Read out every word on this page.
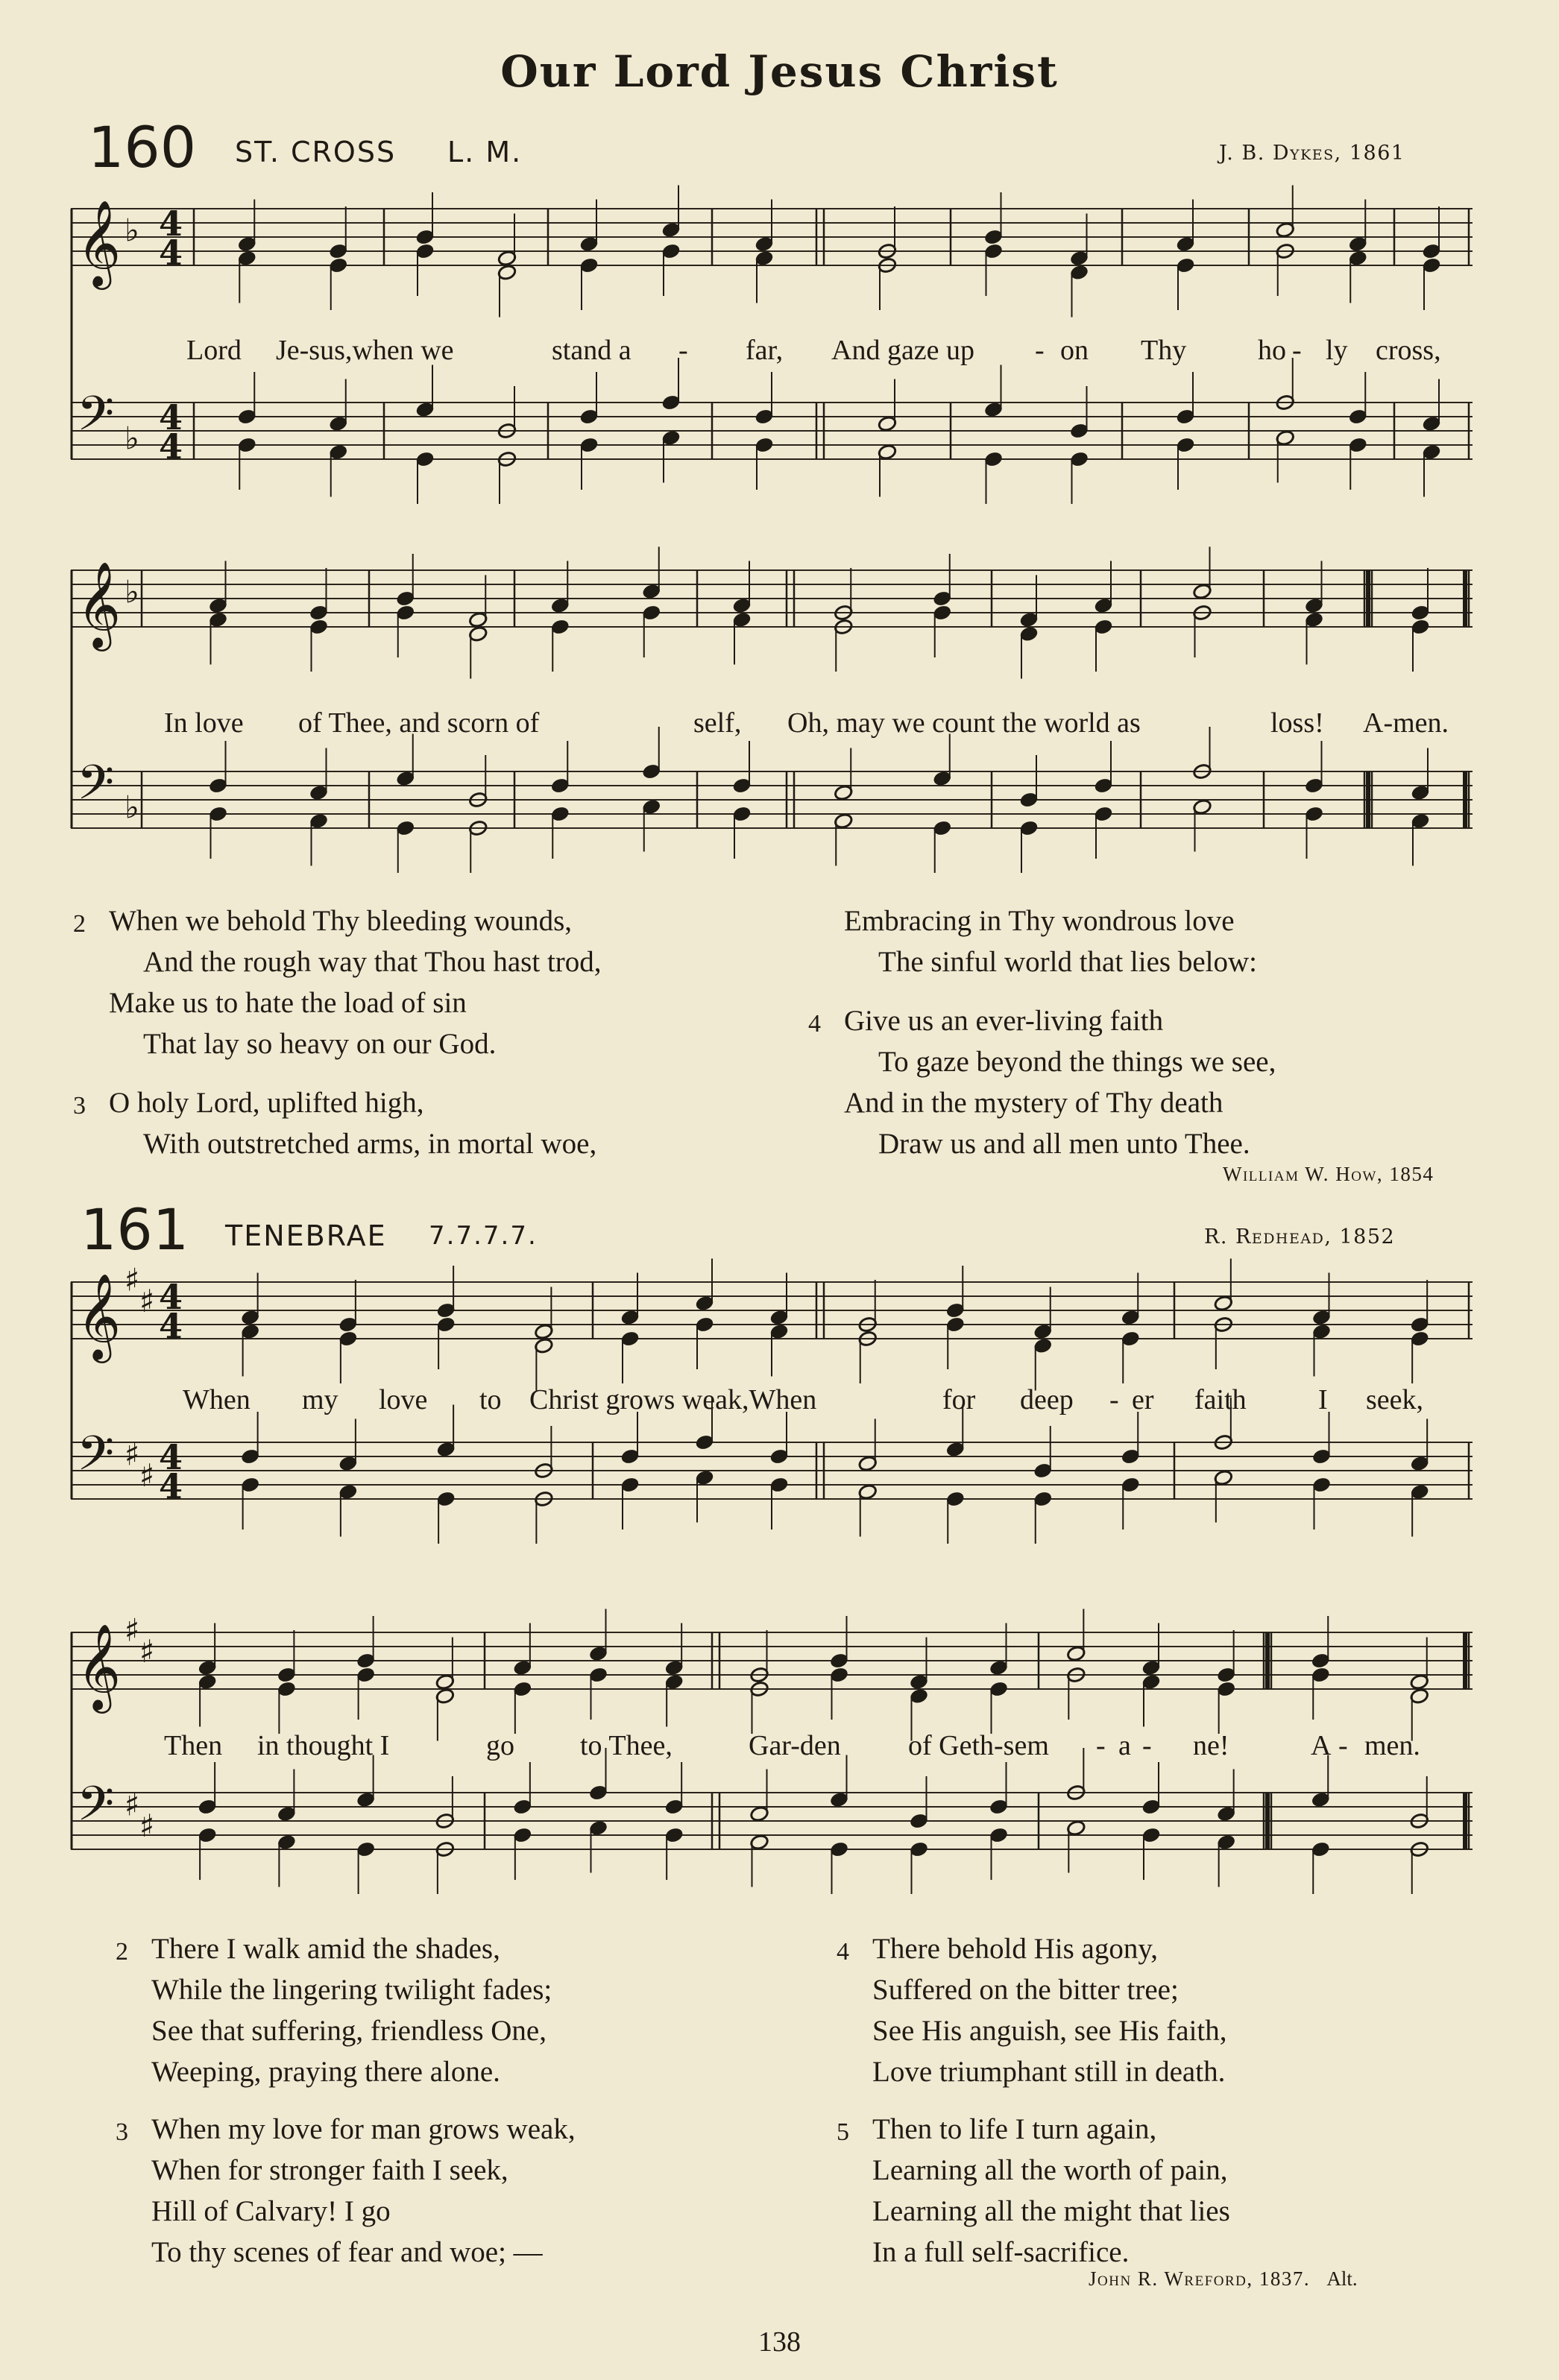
Our Lord Jesus Christ
160 ST. CROSS L. M.	J. B. Dykes, 1861
𝄞 ♭ 4
4
𝄢 ♭
4
4
Lord Je-sus,when we	stand a - far, And gaze up - on Thy	ho - ly cross,
𝄞 ♭
𝄢 ♭
In love of Thee, and scorn of	self, Oh, may we count the world as	loss! A-men.
2 When we behold Thy bleeding wounds,
And the rough way that Thou hast trod,
Make us to hate the load of sin
That lay so heavy on our God.
3 O holy Lord, uplifted high,
With outstretched arms, in mortal woe,
Embracing in Thy wondrous love
The sinful world that lies below:
4 Give us an ever-living faith
To gaze beyond the things we see,
And in the mystery of Thy death
Draw us and all men unto Thee.
William W. How, 1854
161 TENEBRAE 7.7.7.7.	R. Redhead, 1852
𝄞 ♯
♯ 4
4
𝄢 ♯
♯ 4
4
When my love to Christ grows weak,When	for deep - er faith	I seek,
𝄞 ♯
♯
𝄢 ♯
♯
Then in thought I	go to Thee,	Gar-den of Geth-sem - a - ne!	A - men.
2 There I walk amid the shades,
While the lingering twilight fades;
See that suffering, friendless One,
Weeping, praying there alone.
3 When my love for man grows weak,
When for stronger faith I seek,
Hill of Calvary! I go
To thy scenes of fear and woe; —
4 There behold His agony,
Suffered on the bitter tree;
See His anguish, see His faith,
Love triumphant still in death.
5 Then to life I turn again,
Learning all the worth of pain,
Learning all the might that lies
In a full self-sacrifice.
John R. Wreford, 1837. Alt.
138
